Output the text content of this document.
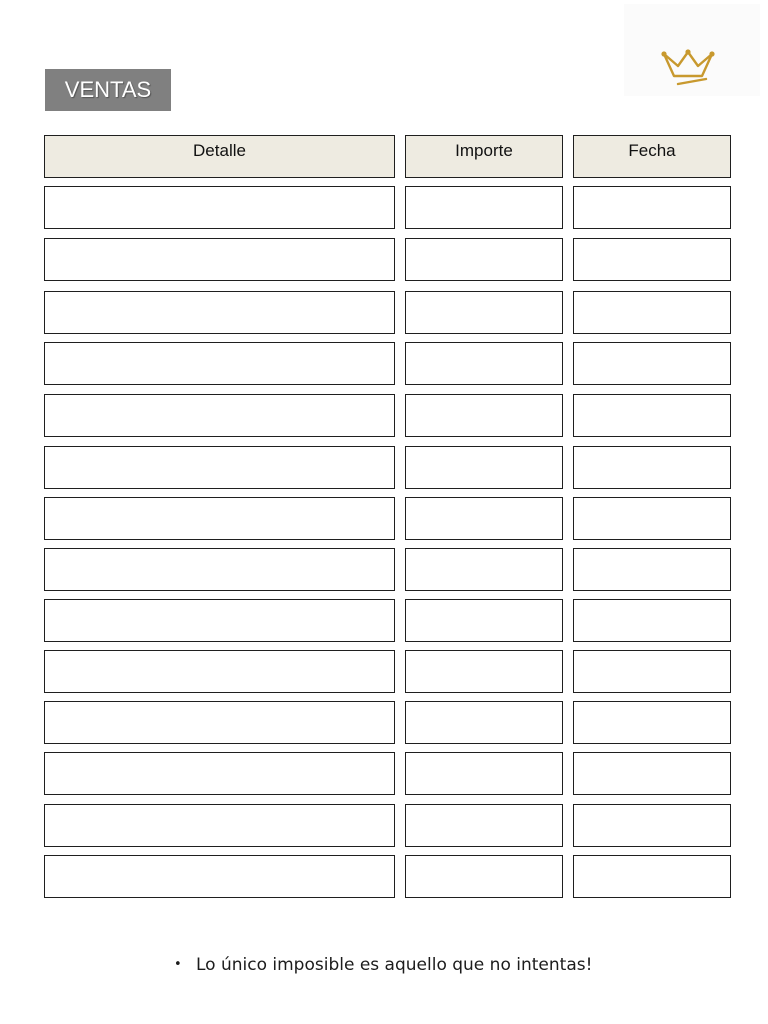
VENTAS
Detalle	Importe	Fecha
• Lo único imposible es aquello que no intentas!
